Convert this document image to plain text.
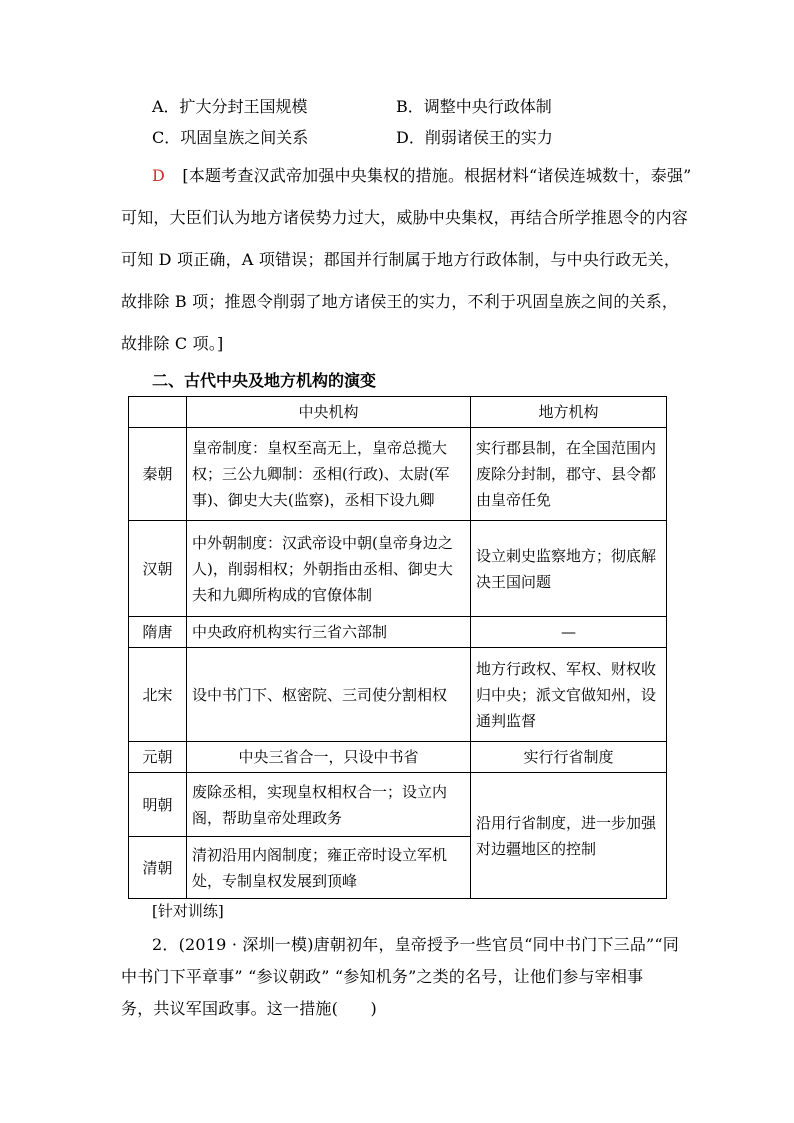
A．扩大分封王国规模	B．调整中央行政体制
C．巩固皇族之间关系	D．削弱诸侯王的实力
D [本题考查汉武帝加强中央集权的措施。根据材料“诸侯连城数十，泰强”
可知，大臣们认为地方诸侯势力过大，威胁中央集权，再结合所学推恩令的内容
可知 D 项正确，A 项错误；郡国并行制属于地方行政体制，与中央行政无关，
故排除 B 项；推恩令削弱了地方诸侯王的实力，不利于巩固皇族之间的关系，
故排除 C 项。]
二、古代中央及地方机构的演变
	中央机构	地方机构
秦朝	皇帝制度：皇权至高无上，皇帝总揽大权；三公九卿制：丞相(行政)、太尉(军事)、御史大夫(监察)，丞相下设九卿	实行郡县制，在全国范围内废除分封制，郡守、县令都由皇帝任免
汉朝	中外朝制度：汉武帝设中朝(皇帝身边之人)，削弱相权；外朝指由丞相、御史大夫和九卿所构成的官僚体制	设立刺史监察地方；彻底解决王国问题
隋唐	中央政府机构实行三省六部制	—
北宋	设中书门下、枢密院、三司使分割相权	地方行政权、军权、财权收归中央；派文官做知州，设通判监督
元朝	中央三省合一，只设中书省	实行行省制度
明朝	废除丞相，实现皇权相权合一；设立内阁，帮助皇帝处理政务	沿用行省制度，进一步加强对边疆地区的控制
清朝	清初沿用内阁制度；雍正帝时设立军机处，专制皇权发展到顶峰	
[针对训练]
2．(2019 · 深圳一模)唐朝初年，皇帝授予一些官员“同中书门下三品”“同
中书门下平章事” “参议朝政” “参知机务”之类的名号，让他们参与宰相事
务，共议军国政事。这一措施(　　)
